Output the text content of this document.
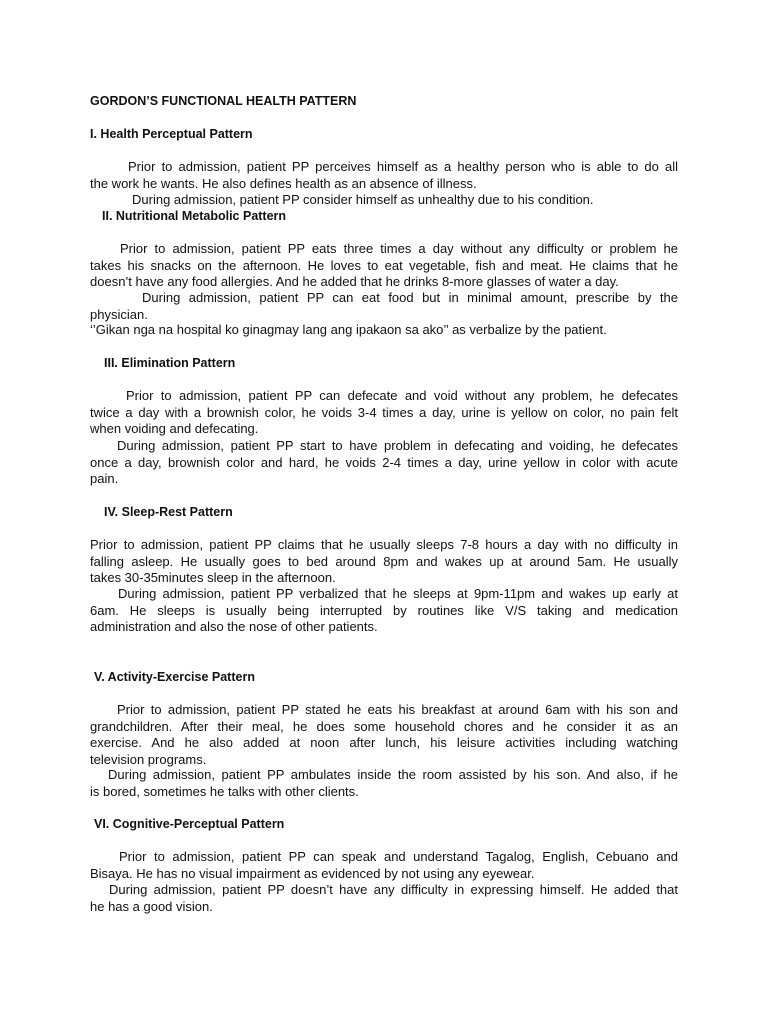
GORDON’S FUNCTIONAL HEALTH PATTERN
I. Health Perceptual Pattern
Prior to admission, patient PP perceives himself as a healthy person who is able to do all
the work he wants. He also defines health as an absence of illness.
During admission, patient PP consider himself as unhealthy due to his condition.
II. Nutritional Metabolic Pattern
Prior to admission, patient PP eats three times a day without any difficulty or problem he
takes his snacks on the afternoon. He loves to eat vegetable, fish and meat. He claims that he
doesn’t have any food allergies. And he added that he drinks 8-more glasses of water a day.
During admission, patient PP can eat food but in minimal amount, prescribe by the
physician.
‘’Gikan nga na hospital ko ginagmay lang ang ipakaon sa ako’’ as verbalize by the patient.
III. Elimination Pattern
Prior to admission, patient PP can defecate and void without any problem, he defecates
twice a day with a brownish color, he voids 3-4 times a day, urine is yellow on color, no pain felt
when voiding and defecating.
During admission, patient PP start to have problem in defecating and voiding, he defecates
once a day, brownish color and hard, he voids 2-4 times a day, urine yellow in color with acute
pain.
IV. Sleep-Rest Pattern
Prior to admission, patient PP claims that he usually sleeps 7-8 hours a day with no difficulty in
falling asleep. He usually goes to bed around 8pm and wakes up at around 5am. He usually
takes 30-35minutes sleep in the afternoon.
During admission, patient PP verbalized that he sleeps at 9pm-11pm and wakes up early at
6am. He sleeps is usually being interrupted by routines like V/S taking and medication
administration and also the nose of other patients.
V. Activity-Exercise Pattern
Prior to admission, patient PP stated he eats his breakfast at around 6am with his son and
grandchildren. After their meal, he does some household chores and he consider it as an
exercise. And he also added at noon after lunch, his leisure activities including watching
television programs.
During admission, patient PP ambulates inside the room assisted by his son. And also, if he
is bored, sometimes he talks with other clients.
VI. Cognitive-Perceptual Pattern
Prior to admission, patient PP can speak and understand Tagalog, English, Cebuano and
Bisaya. He has no visual impairment as evidenced by not using any eyewear.
During admission, patient PP doesn’t have any difficulty in expressing himself. He added that
he has a good vision.
